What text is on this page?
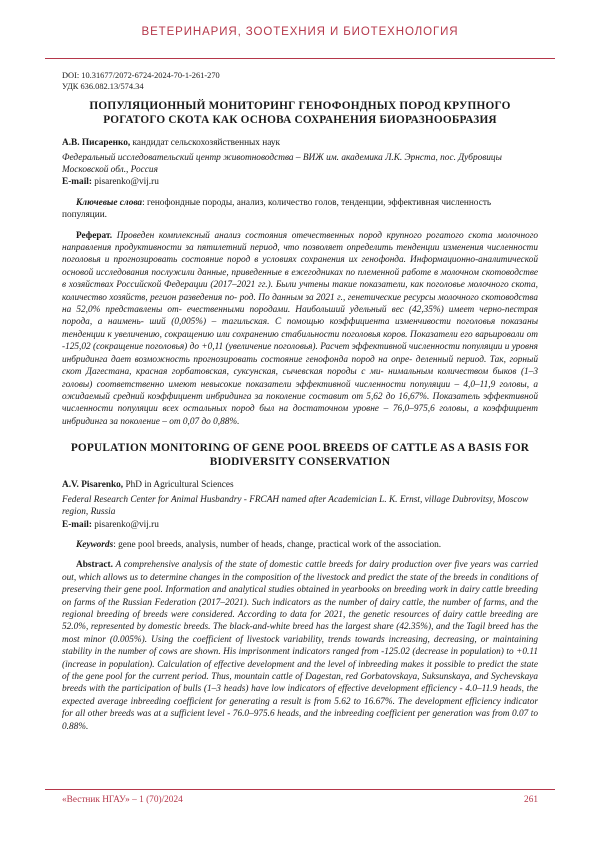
ВЕТЕРИНАРИЯ, ЗООТЕХНИЯ И БИОТЕХНОЛОГИЯ

DOI: 10.31677/2072-6724-2024-70-1-261-270

УДК 636.082.13/574.34

ПОПУЛЯЦИОННЫЙ МОНИТОРИНГ ГЕНОФОНДНЫХ ПОРОД КРУПНОГО РОГАТОГО СКОТА КАК ОСНОВА СОХРАНЕНИЯ БИОРАЗНООБРАЗИЯ

А.В. Писаренко, кандидат сельскохозяйственных наук

Федеральный исследовательский центр животноводства – ВИЖ им. академика Л.К. Эрнста, пос. Дубровицы Московской обл., Россия

E-mail: pisarenko@vij.ru

Ключевые слова: генофондные породы, анализ, количество голов, тенденции, эффективная численность популяции.

Реферат. Проведен комплексный анализ состояния отечественных пород крупного рогатого скота молочного направления продуктивности за пятилетний период, что позволяет определить тенденции изменения численности поголовья и прогнозировать состояние пород в условиях сохранения их генофонда. Информационно-аналитической основой исследования послужили данные, приведенные в ежегодниках по племенной работе в молочном скотоводстве в хозяйствах Российской Федерации (2017–2021 гг.). Были учтены такие показатели, как поголовье молочного скота, количество хозяйств, регион разведения по- род. По данным за 2021 г., генетические ресурсы молочного скотоводства на 52,0% представлены от- ечественными породами. Наибольший удельный вес (42,35%) имеет черно-пестрая порода, а наимень- ший (0,005%) – тагильская. С помощью коэффициента изменчивости поголовья показаны тенденции к увеличению, сокращению или сохранению стабильности поголовья коров. Показатели его варьировали от -125,02 (сокращение поголовья) до +0,11 (увеличение поголовья). Расчет эффективной численности популяции и уровня инбридинга дает возможность прогнозировать состояние генофонда пород на опре- деленный период. Так, горный скот Дагестана, красная горбатовская, суксунская, сычевская породы с ми- нимальным количеством быков (1–3 головы) соответственно имеют невысокие показатели эффективной численности популяции – 4,0–11,9 головы, а ожидаемый средний коэффициент инбридинга за поколение составит от 5,62 до 16,67%. Показатель эффективной численности популяции всех остальных пород был на достаточном уровне – 76,0–975,6 головы, а коэффициент инбридинга за поколение – от 0,07 до 0,88%.

POPULATION MONITORING OF GENE POOL BREEDS OF CATTLE AS A BASIS FOR BIODIVERSITY CONSERVATION

A.V. Pisarenko, PhD in Agricultural Sciences

Federal Research Center for Animal Husbandry - FRCAH named after Academician L. K. Ernst, village Dubrovitsy, Moscow region, Russia

E-mail: pisarenko@vij.ru

Keywords: gene pool breeds, analysis, number of heads, change, practical work of the association.

Abstract. A comprehensive analysis of the state of domestic cattle breeds for dairy production over five years was carried out, which allows us to determine changes in the composition of the livestock and predict the state of the breeds in conditions of preserving their gene pool. Information and analytical studies obtained in yearbooks on breeding work in dairy cattle breeding on farms of the Russian Federation (2017–2021). Such indicators as the number of dairy cattle, the number of farms, and the regional breeding of breeds were considered. According to data for 2021, the genetic resources of dairy cattle breeding are 52.0%, represented by domestic breeds. The black-and-white breed has the largest share (42.35%), and the Tagil breed has the most minor (0.005%). Using the coefficient of livestock variability, trends towards increasing, decreasing, or maintaining stability in the number of cows are shown. His imprisonment indicators ranged from -125.02 (decrease in population) to +0.11 (increase in population). Calculation of effective development and the level of inbreeding makes it possible to predict the state of the gene pool for the current period. Thus, mountain cattle of Dagestan, red Gorbatovskaya, Suksunskaya, and Sychevskaya breeds with the participation of bulls (1–3 heads) have low indicators of effective development efficiency - 4.0–11.9 heads, the expected average inbreeding coefficient for generating a result is from 5.62 to 16.67%. The development efficiency indicator for all other breeds was at a sufficient level - 76.0–975.6 heads, and the inbreeding coefficient per generation was from 0.07 to 0.88%.

«Вестник НГАУ» – 1 (70)/2024	261
